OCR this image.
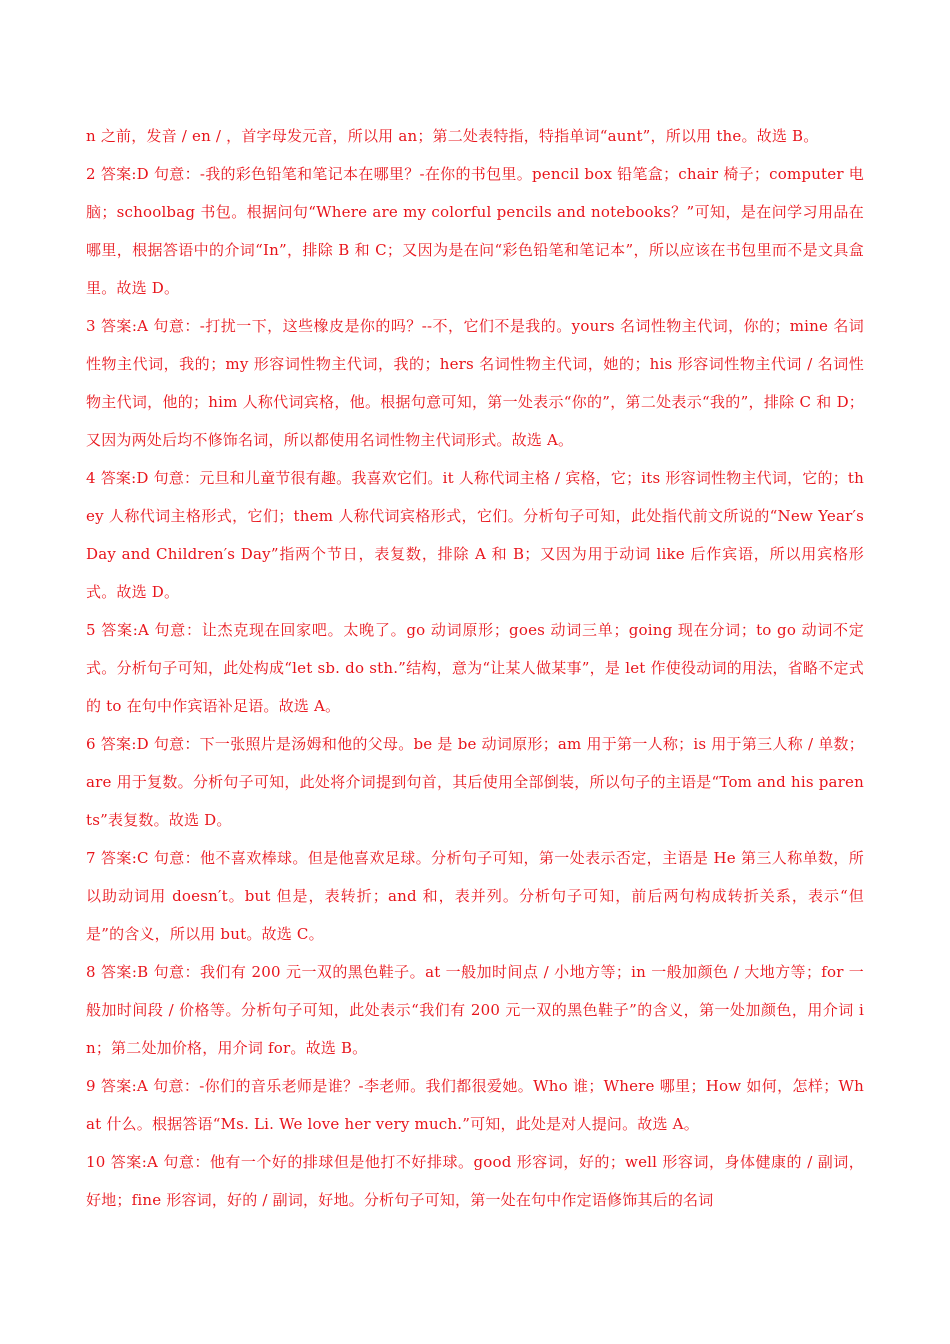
n 之前，发音 / en / ，首字母发元音，所以用 an；第二处表特指，特指单词“aunt”，所以用 the。故选 B。

2 答案:D 句意：-我的彩色铅笔和笔记本在哪里？-在你的书包里。pencil box 铅笔盒；chair 椅子；computer 电脑；schoolbag 书包。根据问句“Where are my colorful pencils and notebooks？”可知，是在问学习用品在哪里，根据答语中的介词“In”，排除 B 和 C；又因为是在问“彩色铅笔和笔记本”，所以应该在书包里而不是文具盒里。故选 D。

3 答案:A 句意：-打扰一下，这些橡皮是你的吗？--不，它们不是我的。yours 名词性物主代词，你的；mine 名词性物主代词，我的；my 形容词性物主代词，我的；hers 名词性物主代词，她的；his 形容词性物主代词 / 名词性物主代词，他的；him 人称代词宾格，他。根据句意可知，第一处表示“你的”，第二处表示“我的”，排除 C 和 D；又因为两处后均不修饰名词，所以都使用名词性物主代词形式。故选 A。

4 答案:D 句意：元旦和儿童节很有趣。我喜欢它们。it 人称代词主格 / 宾格，它；its 形容词性物主代词，它的；they 人称代词主格形式，它们；them 人称代词宾格形式，它们。分析句子可知，此处指代前文所说的“New Year′s Day and Children′s Day”指两个节日，表复数，排除 A 和 B；又因为用于动词 like 后作宾语，所以用宾格形式。故选 D。

5 答案:A 句意：让杰克现在回家吧。太晚了。go 动词原形；goes 动词三单；going 现在分词；to go 动词不定式。分析句子可知，此处构成“let sb. do sth.”结构，意为“让某人做某事”，是 let 作使役动词的用法，省略不定式的 to 在句中作宾语补足语。故选 A。

6 答案:D 句意：下一张照片是汤姆和他的父母。be 是 be 动词原形；am 用于第一人称；is 用于第三人称 / 单数；are 用于复数。分析句子可知，此处将介词提到句首，其后使用全部倒装，所以句子的主语是“Tom and his parents”表复数。故选 D。

7 答案:C 句意：他不喜欢棒球。但是他喜欢足球。分析句子可知，第一处表示否定，主语是 He 第三人称单数，所以助动词用 doesn′t。but 但是，表转折；and 和，表并列。分析句子可知，前后两句构成转折关系，表示“但是”的含义，所以用 but。故选 C。

8 答案:B 句意：我们有 200 元一双的黑色鞋子。at 一般加时间点 / 小地方等；in 一般加颜色 / 大地方等；for 一般加时间段 / 价格等。分析句子可知，此处表示“我们有 200 元一双的黑色鞋子”的含义，第一处加颜色，用介词 in；第二处加价格，用介词 for。故选 B。

9 答案:A 句意：-你们的音乐老师是谁？-李老师。我们都很爱她。Who 谁；Where 哪里；How 如何，怎样；What 什么。根据答语“Ms. Li. We love her very much.”可知，此处是对人提问。故选 A。

10 答案:A 句意：他有一个好的排球但是他打不好排球。good 形容词，好的；well 形容词，身体健康的 / 副词，好地；fine 形容词，好的 / 副词，好地。分析句子可知，第一处在句中作定语修饰其后的名词
